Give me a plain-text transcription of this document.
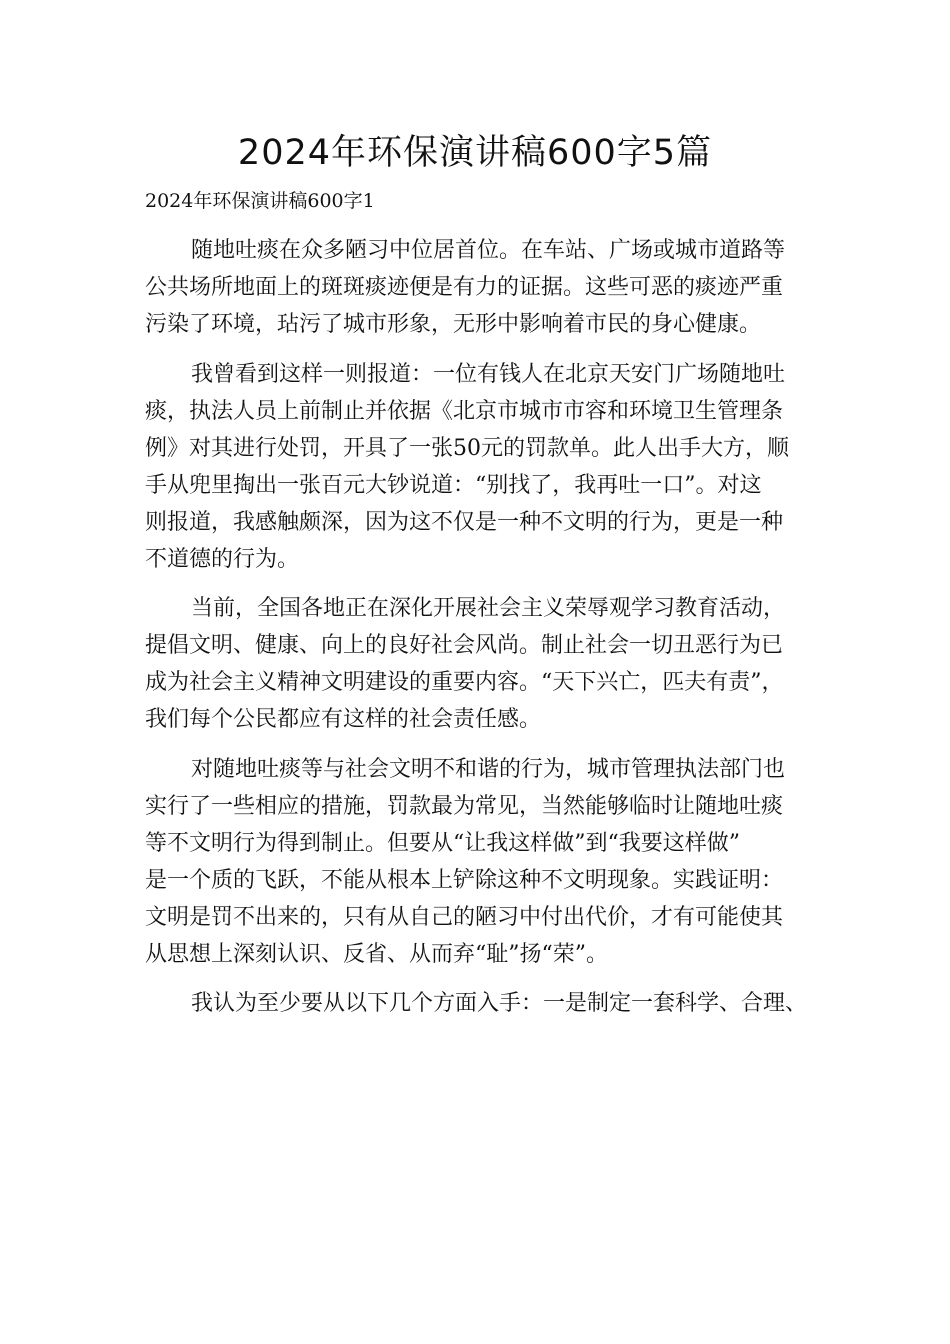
2024年环保演讲稿600字5篇

2024年环保演讲稿600字1

随地吐痰在众多陋习中位居首位。在车站、广场或城市道路等
公共场所地面上的斑斑痰迹便是有力的证据。这些可恶的痰迹严重
污染了环境，玷污了城市形象，无形中影响着市民的身心健康。
我曾看到这样一则报道：一位有钱人在北京天安门广场随地吐
痰，执法人员上前制止并依据《北京市城市市容和环境卫生管理条
例》对其进行处罚，开具了一张50元的罚款单。此人出手大方，顺
手从兜里掏出一张百元大钞说道：“别找了，我再吐一口”。对这
则报道，我感触颇深，因为这不仅是一种不文明的行为，更是一种
不道德的行为。
当前，全国各地正在深化开展社会主义荣辱观学习教育活动，
提倡文明、健康、向上的良好社会风尚。制止社会一切丑恶行为已
成为社会主义精神文明建设的重要内容。“天下兴亡，匹夫有责”，
我们每个公民都应有这样的社会责任感。
对随地吐痰等与社会文明不和谐的行为，城市管理执法部门也
实行了一些相应的措施，罚款最为常见，当然能够临时让随地吐痰
等不文明行为得到制止。但要从“让我这样做”到“我要这样做”
是一个质的飞跃，不能从根本上铲除这种不文明现象。实践证明：
文明是罚不出来的，只有从自己的陋习中付出代价，才有可能使其
从思想上深刻认识、反省、从而弃“耻”扬“荣”。
我认为至少要从以下几个方面入手：一是制定一套科学、合理、
